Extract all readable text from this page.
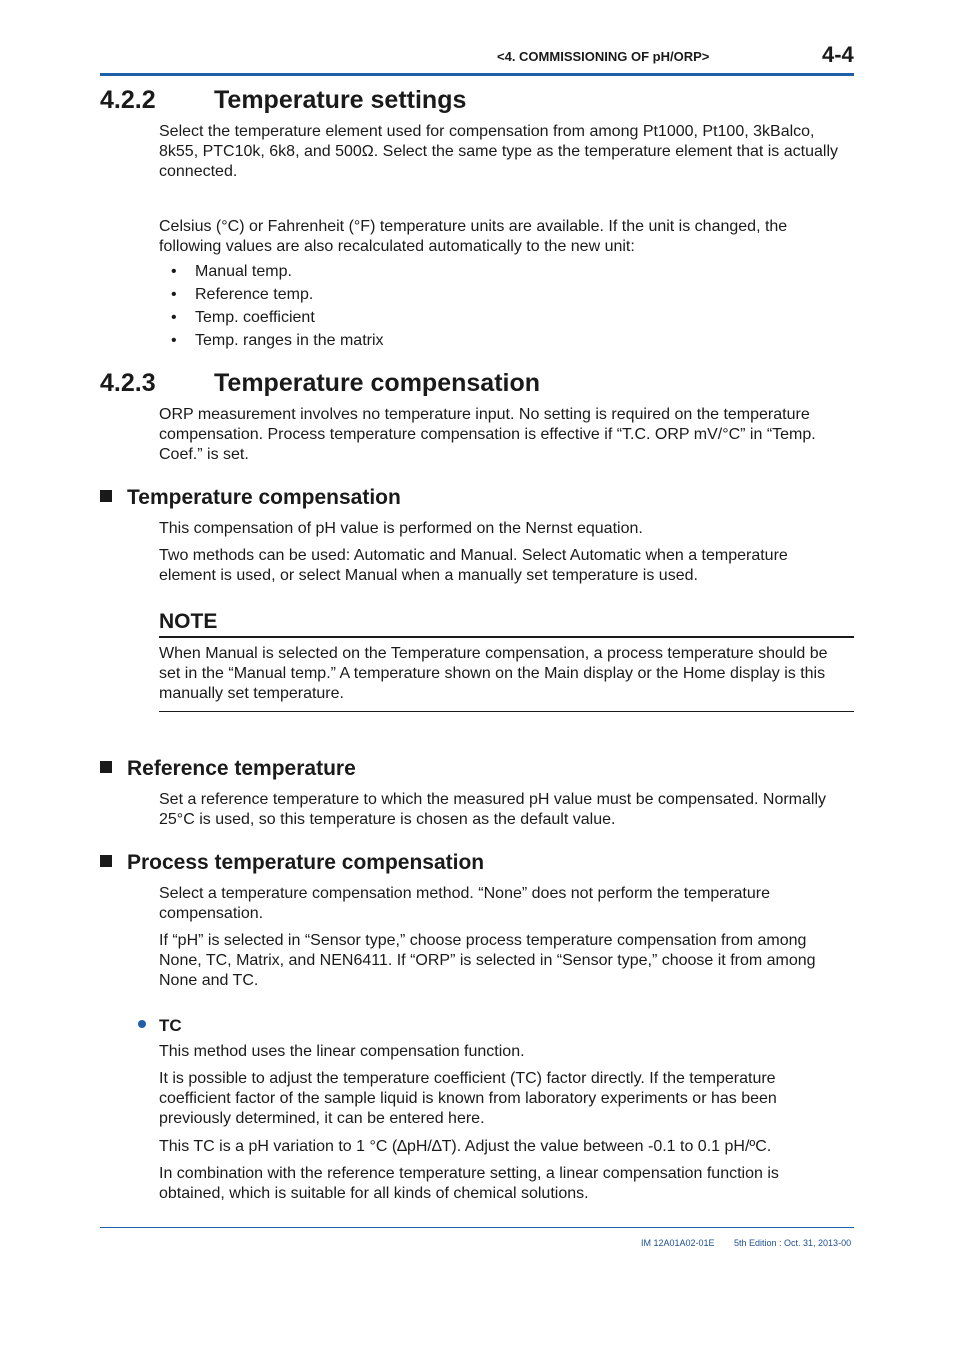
<4. COMMISSIONING OF pH/ORP>	4-4
4.2.2 Temperature settings
Select the temperature element used for compensation from among Pt1000, Pt100, 3kBalco,
8k55, PTC10k, 6k8, and 500Ω. Select the same type as the temperature element that is actually
connected.
Celsius (°C) or Fahrenheit (°F) temperature units are available. If the unit is changed, the
following values are also recalculated automatically to the new unit:
• Manual temp.
• Reference temp.
• Temp. coefficient
• Temp. ranges in the matrix
4.2.3 Temperature compensation
ORP measurement involves no temperature input. No setting is required on the temperature
compensation. Process temperature compensation is effective if “T.C. ORP mV/°C” in “Temp.
Coef.” is set.
Temperature compensation
This compensation of pH value is performed on the Nernst equation.
Two methods can be used: Automatic and Manual. Select Automatic when a temperature
element is used, or select Manual when a manually set temperature is used.
NOTE
When Manual is selected on the Temperature compensation, a process temperature should be
set in the “Manual temp.” A temperature shown on the Main display or the Home display is this
manually set temperature.
Reference temperature
Set a reference temperature to which the measured pH value must be compensated. Normally
25°C is used, so this temperature is chosen as the default value.
Process temperature compensation
Select a temperature compensation method. “None” does not perform the temperature
compensation.
If “pH” is selected in “Sensor type,” choose process temperature compensation from among
None, TC, Matrix, and NEN6411. If “ORP” is selected in “Sensor type,” choose it from among
None and TC.
TC
This method uses the linear compensation function.
It is possible to adjust the temperature coefficient (TC) factor directly. If the temperature
coefficient factor of the sample liquid is known from laboratory experiments or has been
previously determined, it can be entered here.
This TC is a pH variation to 1 °C (∆pH/∆T). Adjust the value between -0.1 to 0.1 pH/ºC.
In combination with the reference temperature setting, a linear compensation function is
obtained, which is suitable for all kinds of chemical solutions.
IM 12A01A02-01E 5th Edition : Oct. 31, 2013-00
